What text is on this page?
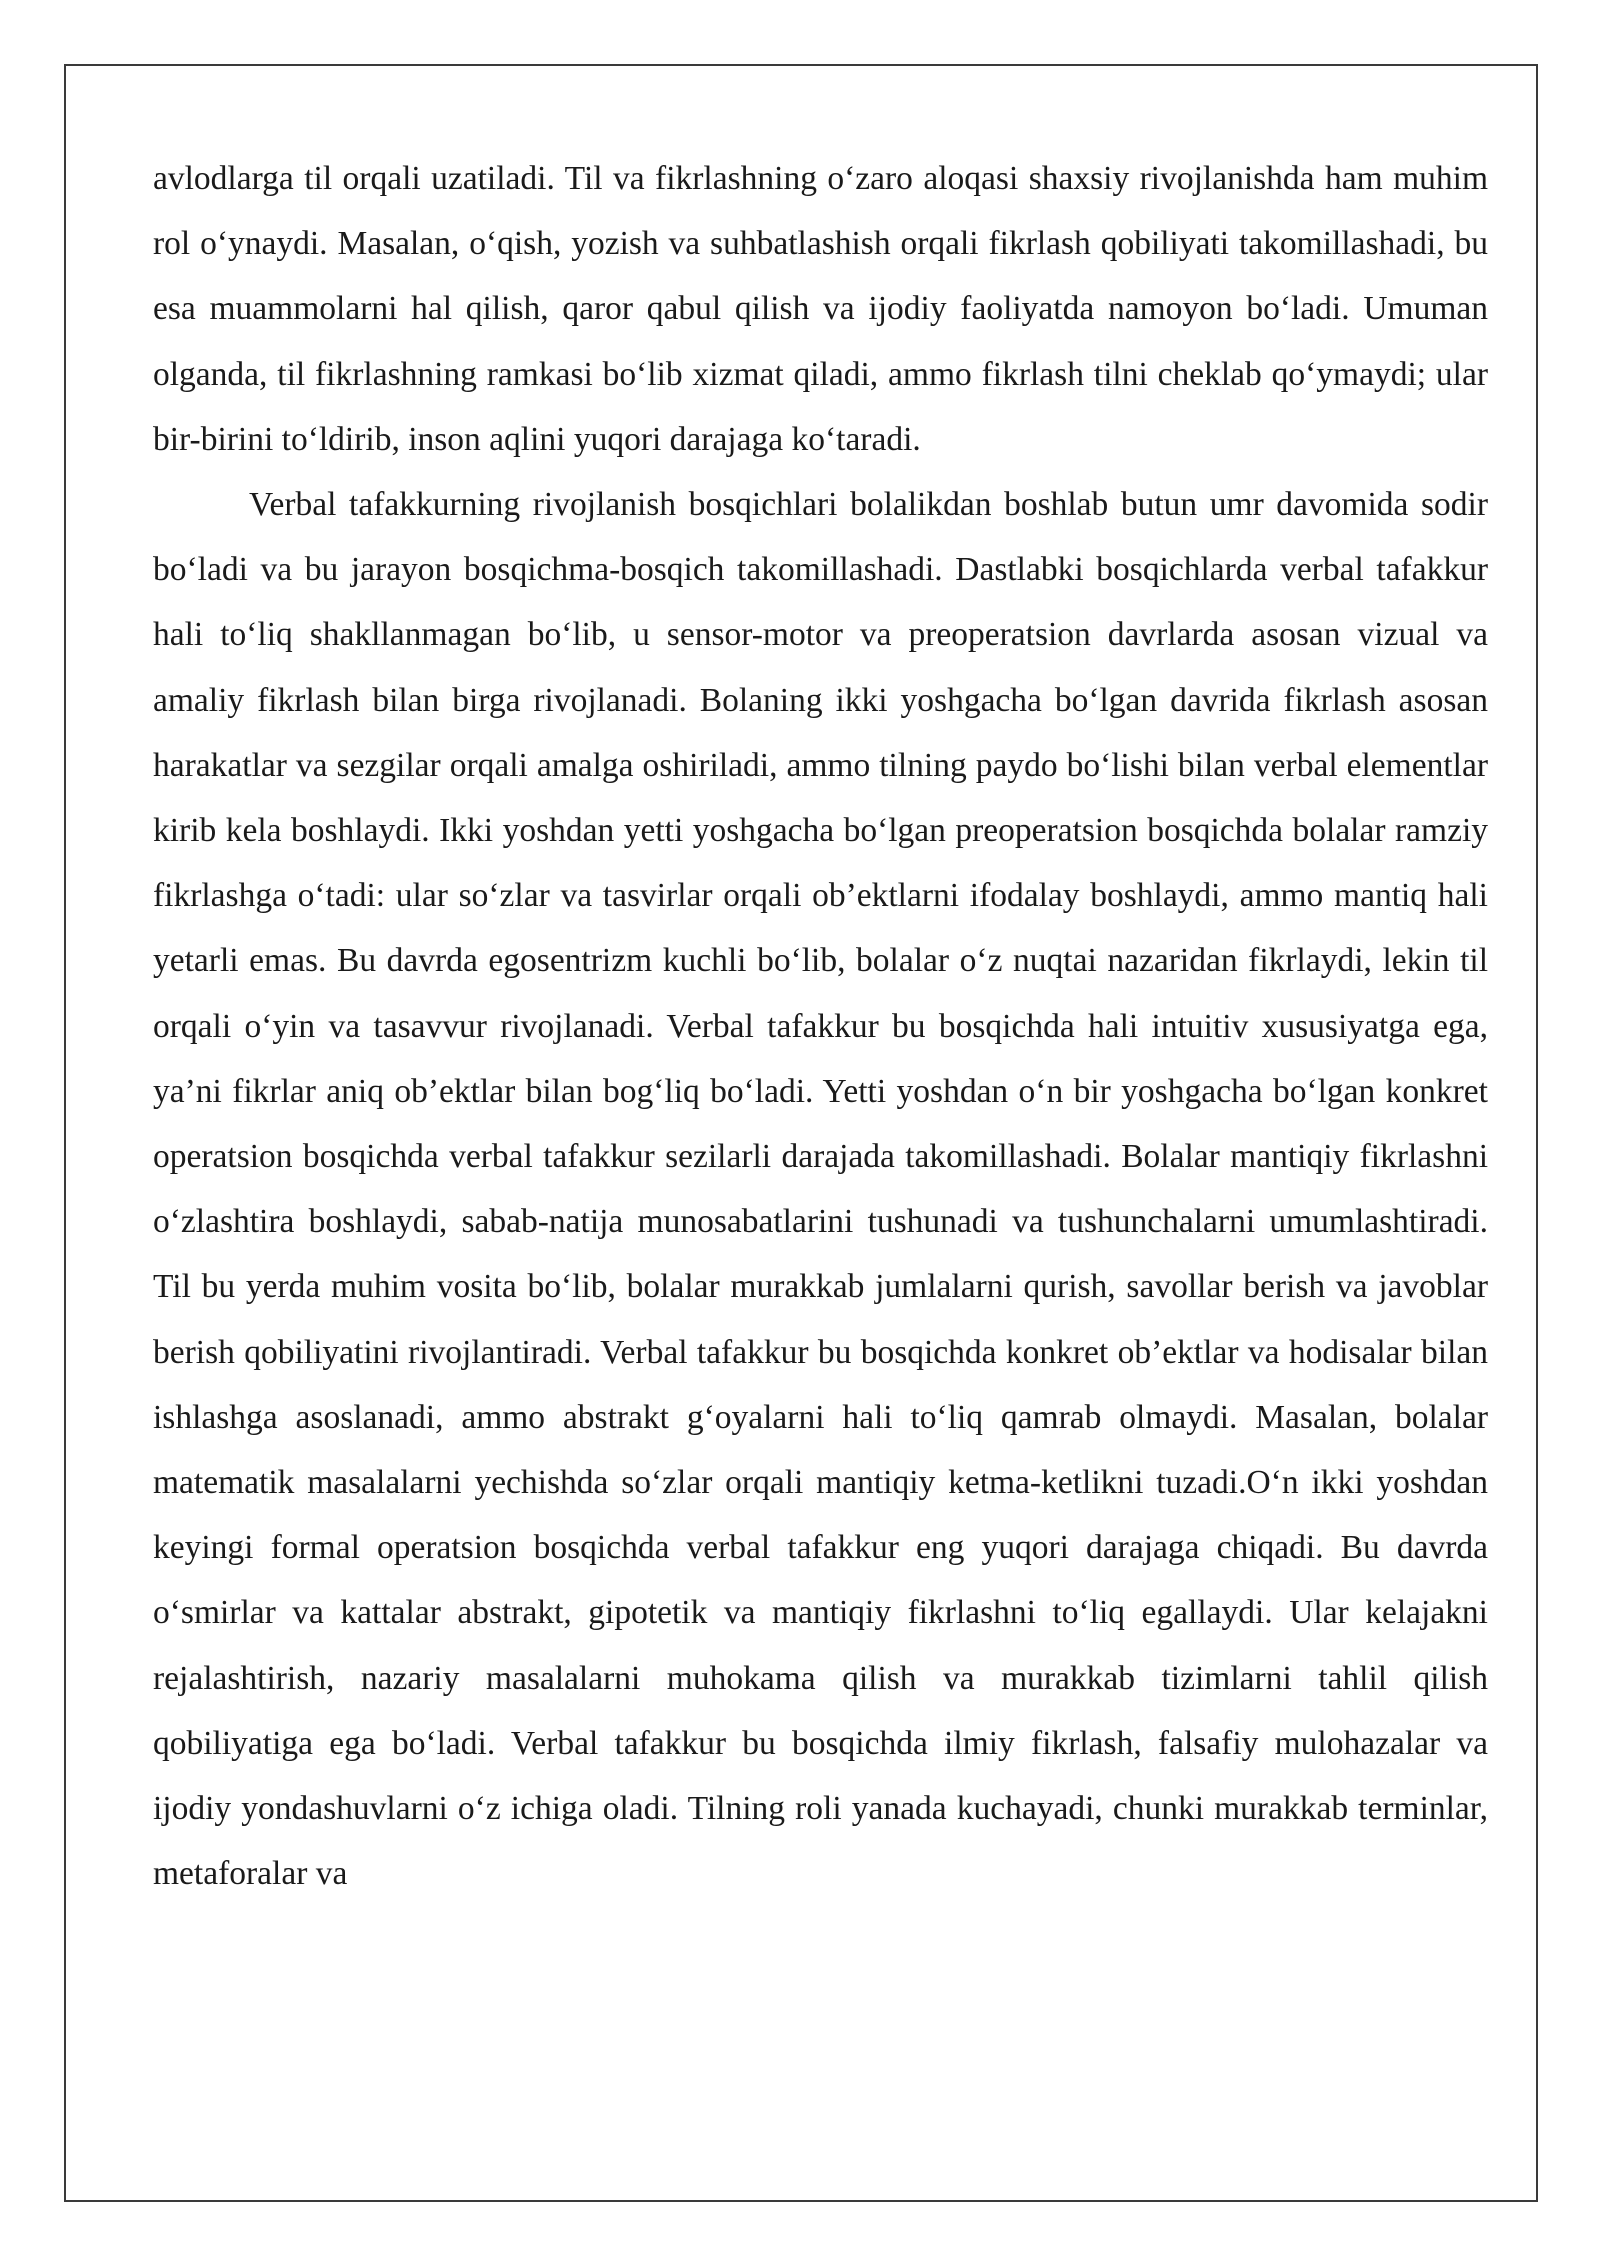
avlodlarga til orqali uzatiladi. Til va fikrlashning o‘zaro aloqasi shaxsiy rivojlanishda ham muhim rol o‘ynaydi. Masalan, o‘qish, yozish va suhbatlashish orqali fikrlash qobiliyati takomillashadi, bu esa muammolarni hal qilish, qaror qabul qilish va ijodiy faoliyatda namoyon bo‘ladi. Umuman olganda, til fikrlashning ramkasi bo‘lib xizmat qiladi, ammo fikrlash tilni cheklab qo‘ymaydi; ular bir-birini to‘ldirib, inson aqlini yuqori darajaga ko‘taradi.

Verbal tafakkurning rivojlanish bosqichlari bolalikdan boshlab butun umr davomida sodir bo‘ladi va bu jarayon bosqichma-bosqich takomillashadi. Dastlabki bosqichlarda verbal tafakkur hali to‘liq shakllanmagan bo‘lib, u sensor-motor va preoperatsion davrlarda asosan vizual va amaliy fikrlash bilan birga rivojlanadi. Bolaning ikki yoshgacha bo‘lgan davrida fikrlash asosan harakatlar va sezgilar orqali amalga oshiriladi, ammo tilning paydo bo‘lishi bilan verbal elementlar kirib kela boshlaydi. Ikki yoshdan yetti yoshgacha bo‘lgan preoperatsion bosqichda bolalar ramziy fikrlashga o‘tadi: ular so‘zlar va tasvirlar orqali ob’ektlarni ifodalay boshlaydi, ammo mantiq hali yetarli emas. Bu davrda egosentrizm kuchli bo‘lib, bolalar o‘z nuqtai nazaridan fikrlaydi, lekin til orqali o‘yin va tasavvur rivojlanadi. Verbal tafakkur bu bosqichda hali intuitiv xususiyatga ega, ya’ni fikrlar aniq ob’ektlar bilan bog‘liq bo‘ladi. Yetti yoshdan o‘n bir yoshgacha bo‘lgan konkret operatsion bosqichda verbal tafakkur sezilarli darajada takomillashadi. Bolalar mantiqiy fikrlashni o‘zlashtira boshlaydi, sabab-natija munosabatlarini tushunadi va tushunchalarni umumlashtiradi. Til bu yerda muhim vosita bo‘lib, bolalar murakkab jumlalarni qurish, savollar berish va javoblar berish qobiliyatini rivojlantiradi. Verbal tafakkur bu bosqichda konkret ob’ektlar va hodisalar bilan ishlashga asoslanadi, ammo abstrakt g‘oyalarni hali to‘liq qamrab olmaydi. Masalan, bolalar matematik masalalarni yechishda so‘zlar orqali mantiqiy ketma-ketlikni tuzadi.O‘n ikki yoshdan keyingi formal operatsion bosqichda verbal tafakkur eng yuqori darajaga chiqadi. Bu davrda o‘smirlar va kattalar abstrakt, gipotetik va mantiqiy fikrlashni to‘liq egallaydi. Ular kelajakni rejalashtirish, nazariy masalalarni muhokama qilish va murakkab tizimlarni tahlil qilish qobiliyatiga ega bo‘ladi. Verbal tafakkur bu bosqichda ilmiy fikrlash, falsafiy mulohazalar va ijodiy yondashuvlarni o‘z ichiga oladi. Tilning roli yanada kuchayadi, chunki murakkab terminlar, metaforalar va
